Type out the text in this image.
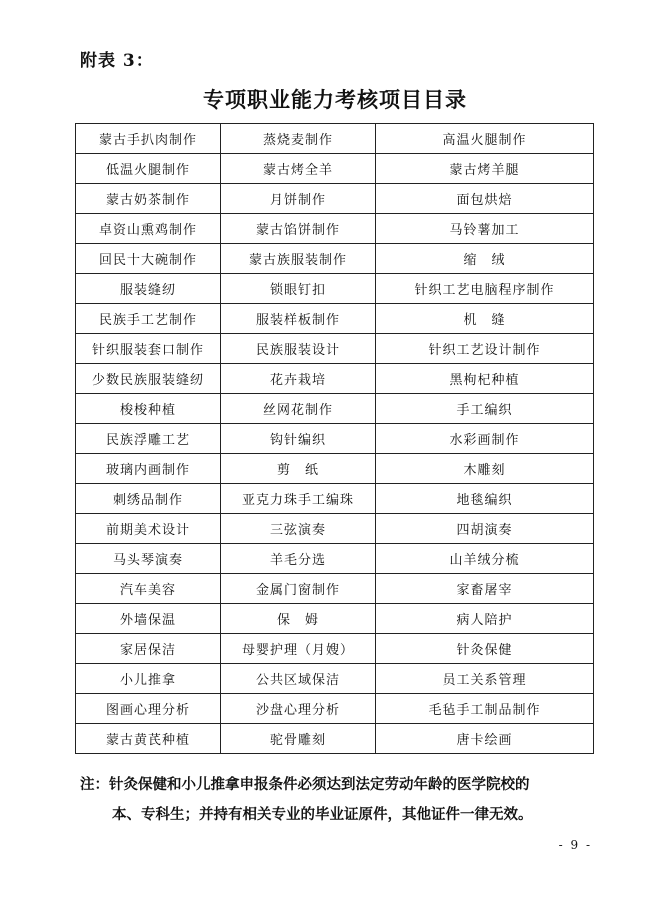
附表 3：
专项职业能力考核项目目录
蒙古手扒肉制作	蒸烧麦制作	高温火腿制作
低温火腿制作	蒙古烤全羊	蒙古烤羊腿
蒙古奶茶制作	月饼制作	面包烘焙
卓资山熏鸡制作	蒙古馅饼制作	马铃薯加工
回民十大碗制作	蒙古族服装制作	缩　绒
服装缝纫	锁眼钉扣	针织工艺电脑程序制作
民族手工艺制作	服装样板制作	机　缝
针织服装套口制作	民族服装设计	针织工艺设计制作
少数民族服装缝纫	花卉栽培	黑枸杞种植
梭梭种植	丝网花制作	手工编织
民族浮雕工艺	钩针编织	水彩画制作
玻璃内画制作	剪　纸	木雕刻
刺绣品制作	亚克力珠手工编珠	地毯编织
前期美术设计	三弦演奏	四胡演奏
马头琴演奏	羊毛分选	山羊绒分梳
汽车美容	金属门窗制作	家畜屠宰
外墙保温	保　姆	病人陪护
家居保洁	母婴护理（月嫂）	针灸保健
小儿推拿	公共区域保洁	员工关系管理
图画心理分析	沙盘心理分析	毛毡手工制品制作
蒙古黄芪种植	驼骨雕刻	唐卡绘画
注：针灸保健和小儿推拿申报条件必须达到法定劳动年龄的医学院校的
本、专科生；并持有相关专业的毕业证原件，其他证件一律无效。
- 9 -
